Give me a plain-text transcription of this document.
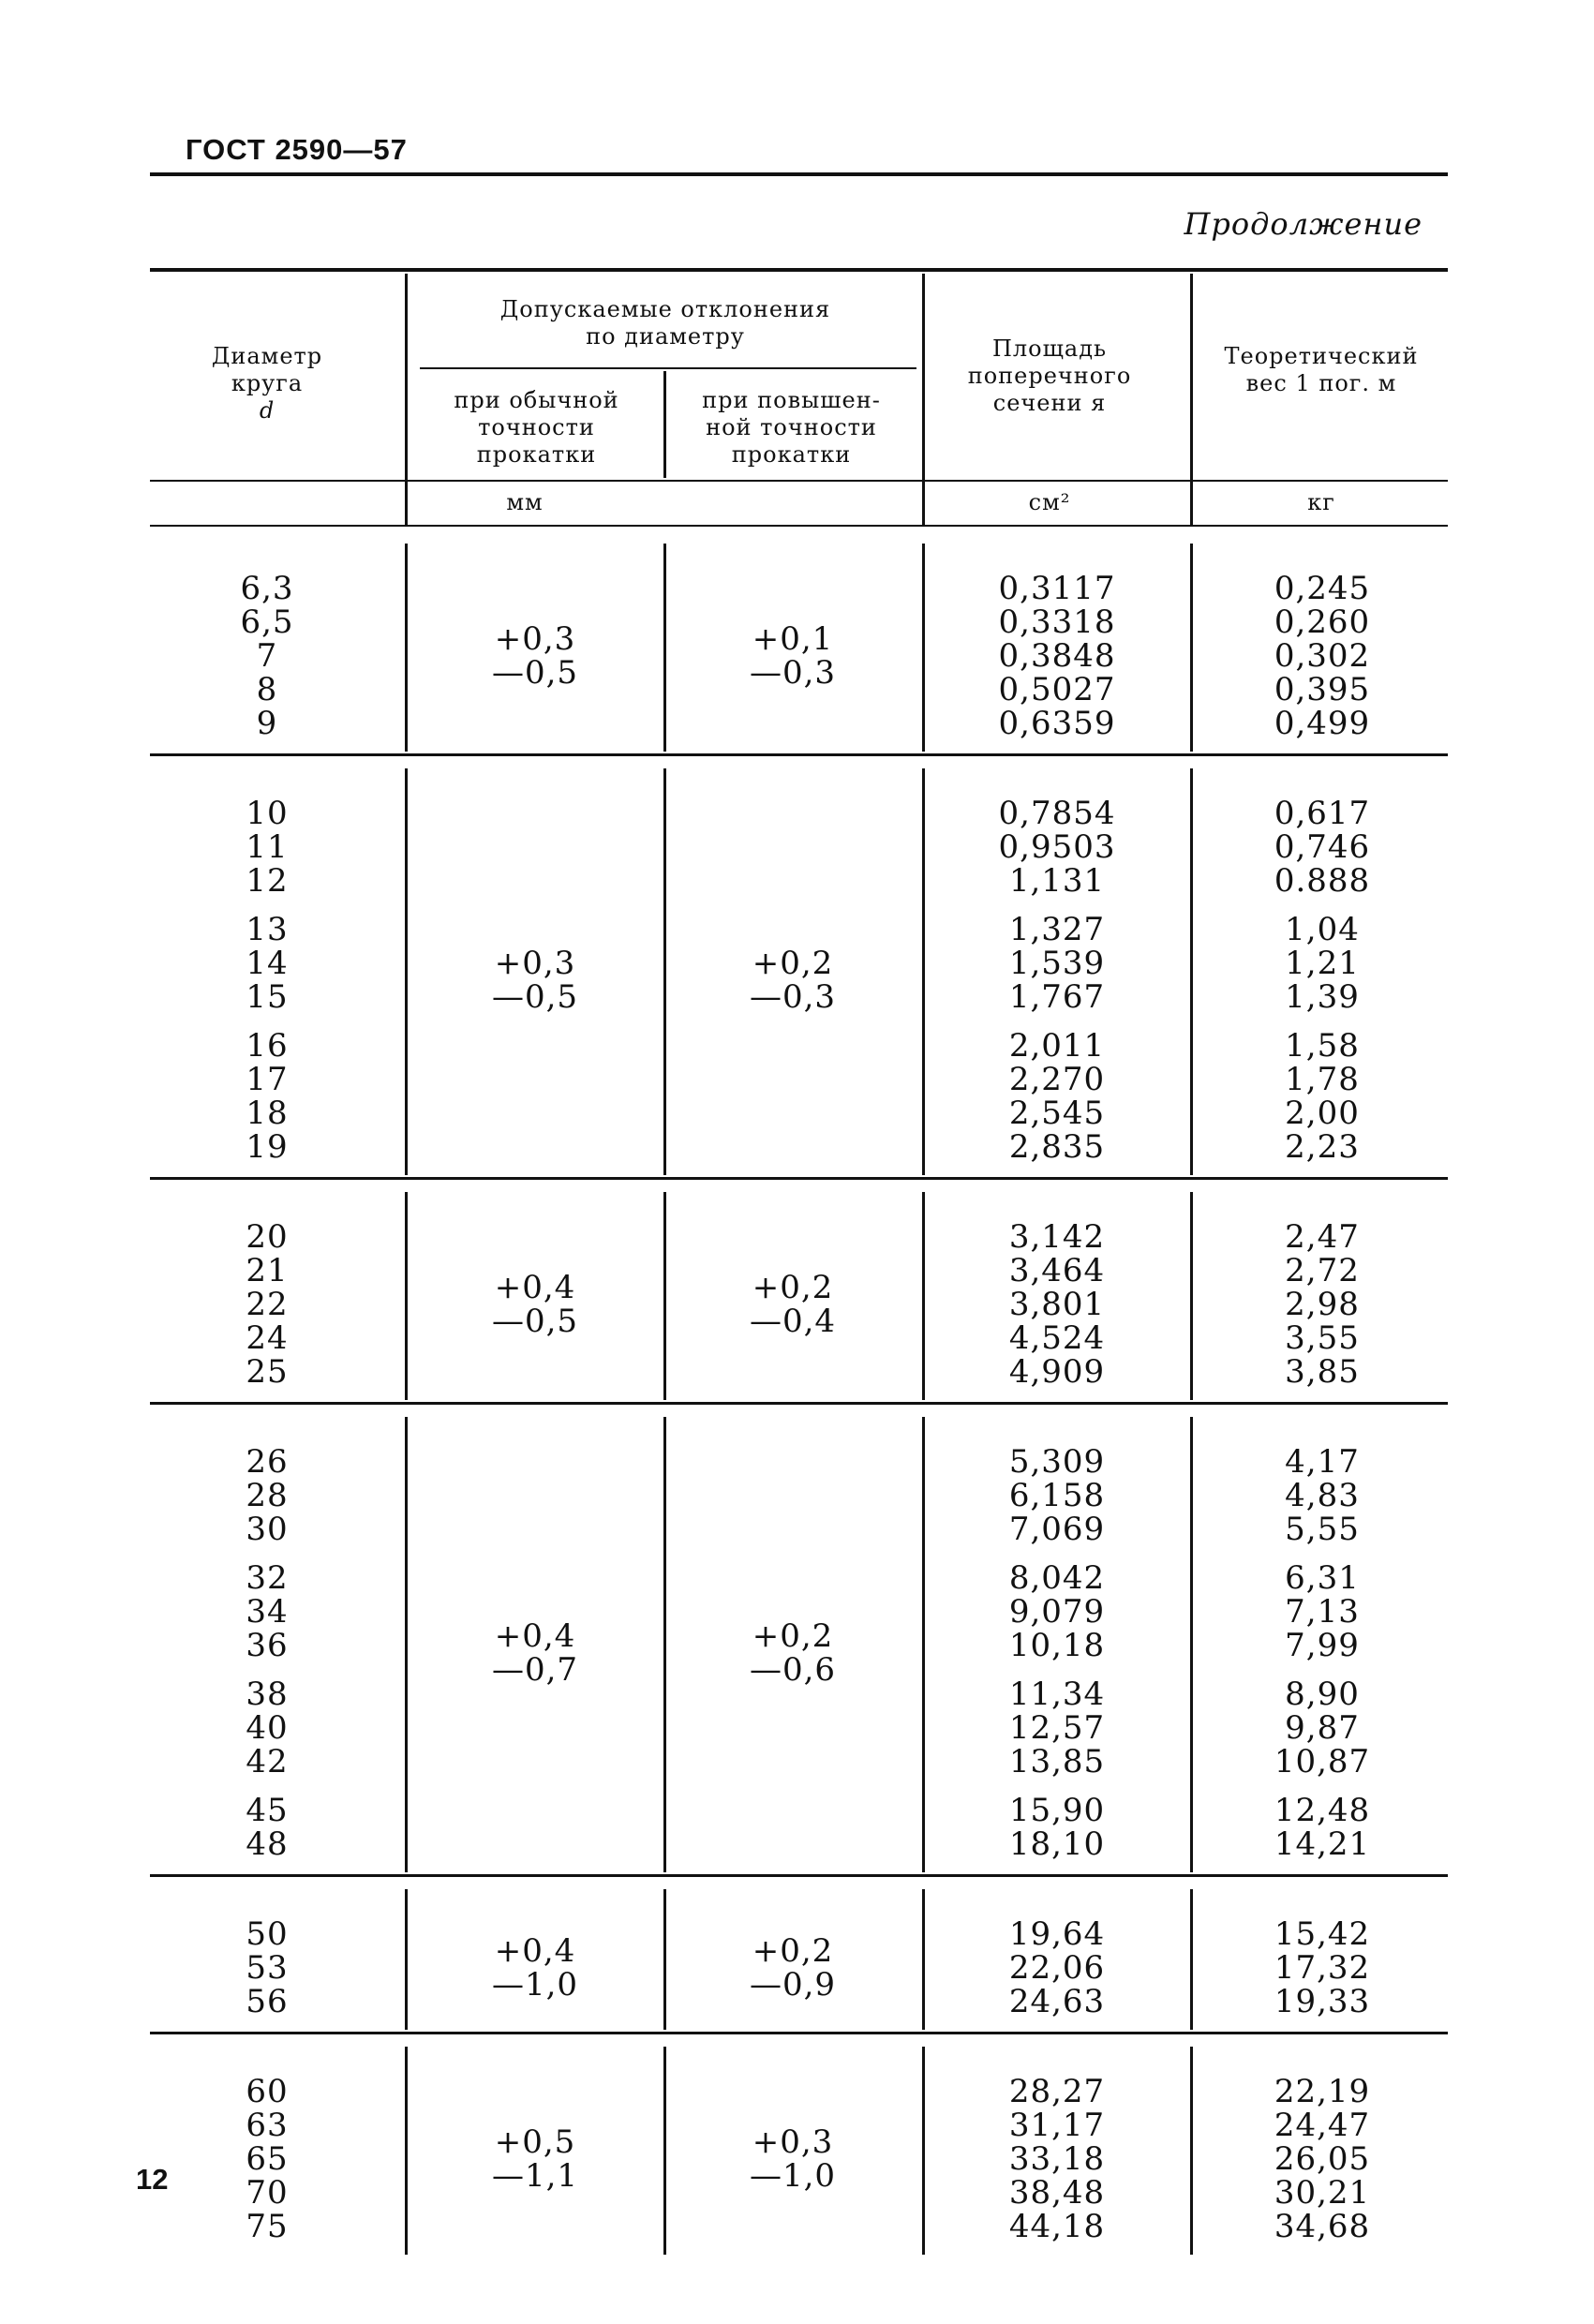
ГОСТ 2590—57
Продолжение
Диаметр
круга
d
Допускаемые отклонения
по диаметру
при обычной
точности
прокатки
при повышен-
ной точности
прокатки
Площадь
поперечного
сечени я
Теоретический
вес 1 пог. м
мм	см²	кг
6,3
6,5
7
8
9
0,3117
0,3318
0,3848
0,5027
0,6359
0,245
0,260
0,302
0,395
0,499
+0,3
—0,5
+0,1
—0,3
10
11
12
13
14
15
16
17
18
19
0,7854
0,9503
1,131
1,327
1,539
1,767
2,011
2,270
2,545
2,835
0,617
0,746
0.888
1,04
1,21
1,39
1,58
1,78
2,00
2,23
+0,3
—0,5
+0,2
—0,3
20
21
22
24
25
3,142
3,464
3,801
4,524
4,909
2,47
2,72
2,98
3,55
3,85
+0,4
—0,5
+0,2
—0,4
26
28
30
32
34
36
38
40
42
45
48
5,309
6,158
7,069
8,042
9,079
10,18
11,34
12,57
13,85
15,90
18,10
4,17
4,83
5,55
6,31
7,13
7,99
8,90
9,87
10,87
12,48
14,21
+0,4
—0,7
+0,2
—0,6
50
53
56
19,64
22,06
24,63
15,42
17,32
19,33
+0,4
—1,0
+0,2
—0,9
60
63
65
70
75
28,27
31,17
33,18
38,48
44,18
22,19
24,47
26,05
30,21
34,68
+0,5
—1,1
+0,3
—1,0
12
